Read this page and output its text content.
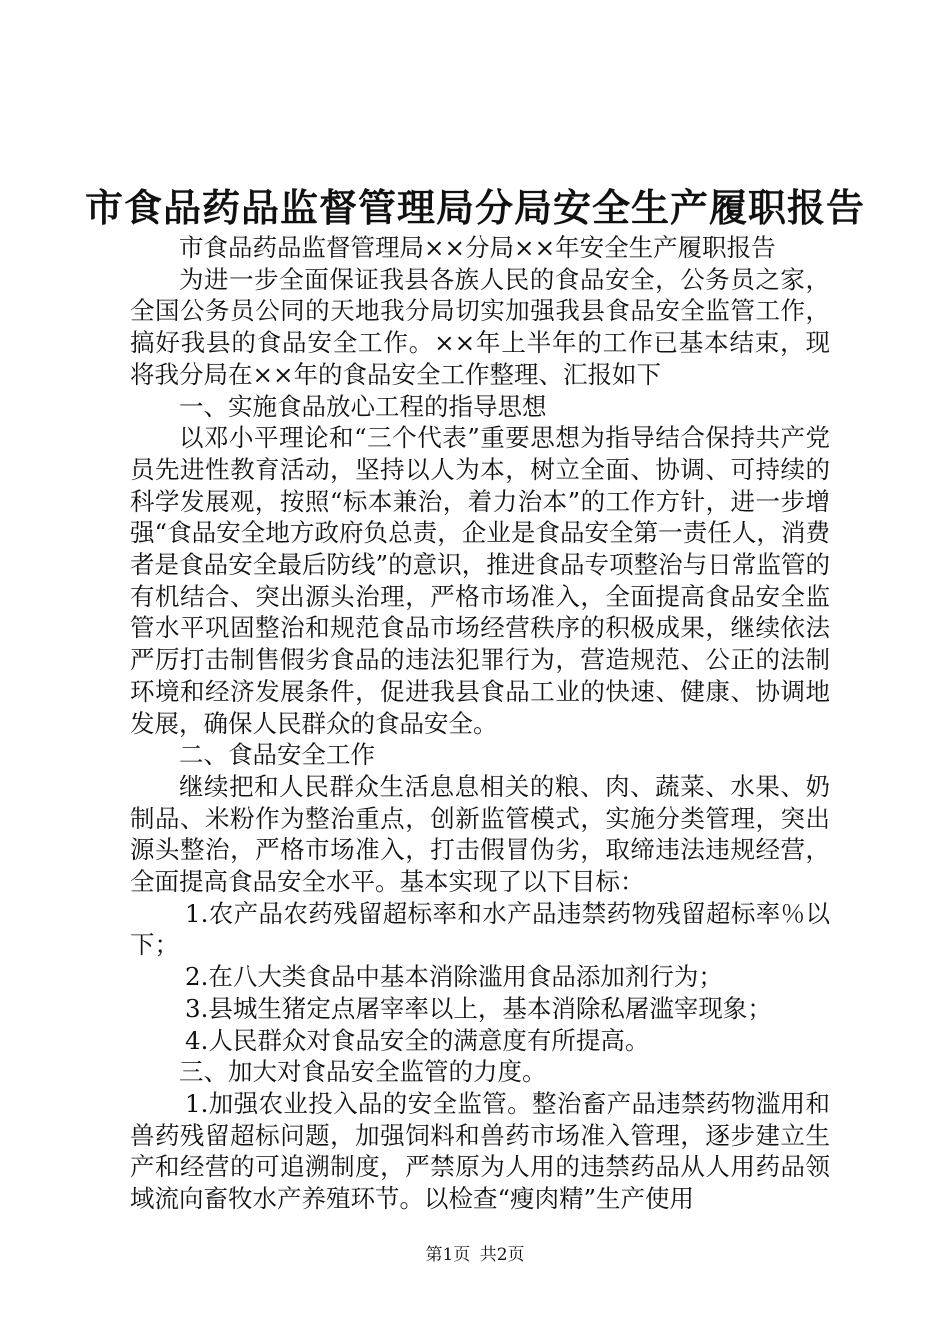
市食品药品监督管理局分局安全生产履职报告

市食品药品监督管理局××分局××年安全生产履职报告

为进一步全面保证我县各族人民的食品安全，公务员之家，全国公务员公同的天地我分局切实加强我县食品安全监管工作，搞好我县的食品安全工作。××年上半年的工作已基本结束，现将我分局在××年的食品安全工作整理、汇报如下

一、实施食品放心工程的指导思想

以邓小平理论和“三个代表”重要思想为指导结合保持共产党员先进性教育活动，坚持以人为本，树立全面、协调、可持续的科学发展观，按照“标本兼治，着力治本”的工作方针，进一步增强“食品安全地方政府负总责，企业是食品安全第一责任人，消费者是食品安全最后防线”的意识，推进食品专项整治与日常监管的有机结合、突出源头治理，严格市场准入，全面提高食品安全监管水平巩固整治和规范食品市场经营秩序的积极成果，继续依法严厉打击制售假劣食品的违法犯罪行为，营造规范、公正的法制环境和经济发展条件，促进我县食品工业的快速、健康、协调地发展，确保人民群众的食品安全。

二、食品安全工作

继续把和人民群众生活息息相关的粮、肉、蔬菜、水果、奶制品、米粉作为整治重点，创新监管模式，实施分类管理，突出源头整治，严格市场准入，打击假冒伪劣，取缔违法违规经营，全面提高食品安全水平。基本实现了以下目标：

1.农产品农药残留超标率和水产品违禁药物残留超标率％以下；

2.在八大类食品中基本消除滥用食品添加剂行为；

3.县城生猪定点屠宰率以上，基本消除私屠滥宰现象；

4.人民群众对食品安全的满意度有所提高。

三、加大对食品安全监管的力度。

1.加强农业投入品的安全监管。整治畜产品违禁药物滥用和兽药残留超标问题，加强饲料和兽药市场准入管理，逐步建立生产和经营的可追溯制度，严禁原为人用的违禁药品从人用药品领域流向畜牧水产养殖环节。以检查“瘦肉精”生产使用

第1页 共2页
